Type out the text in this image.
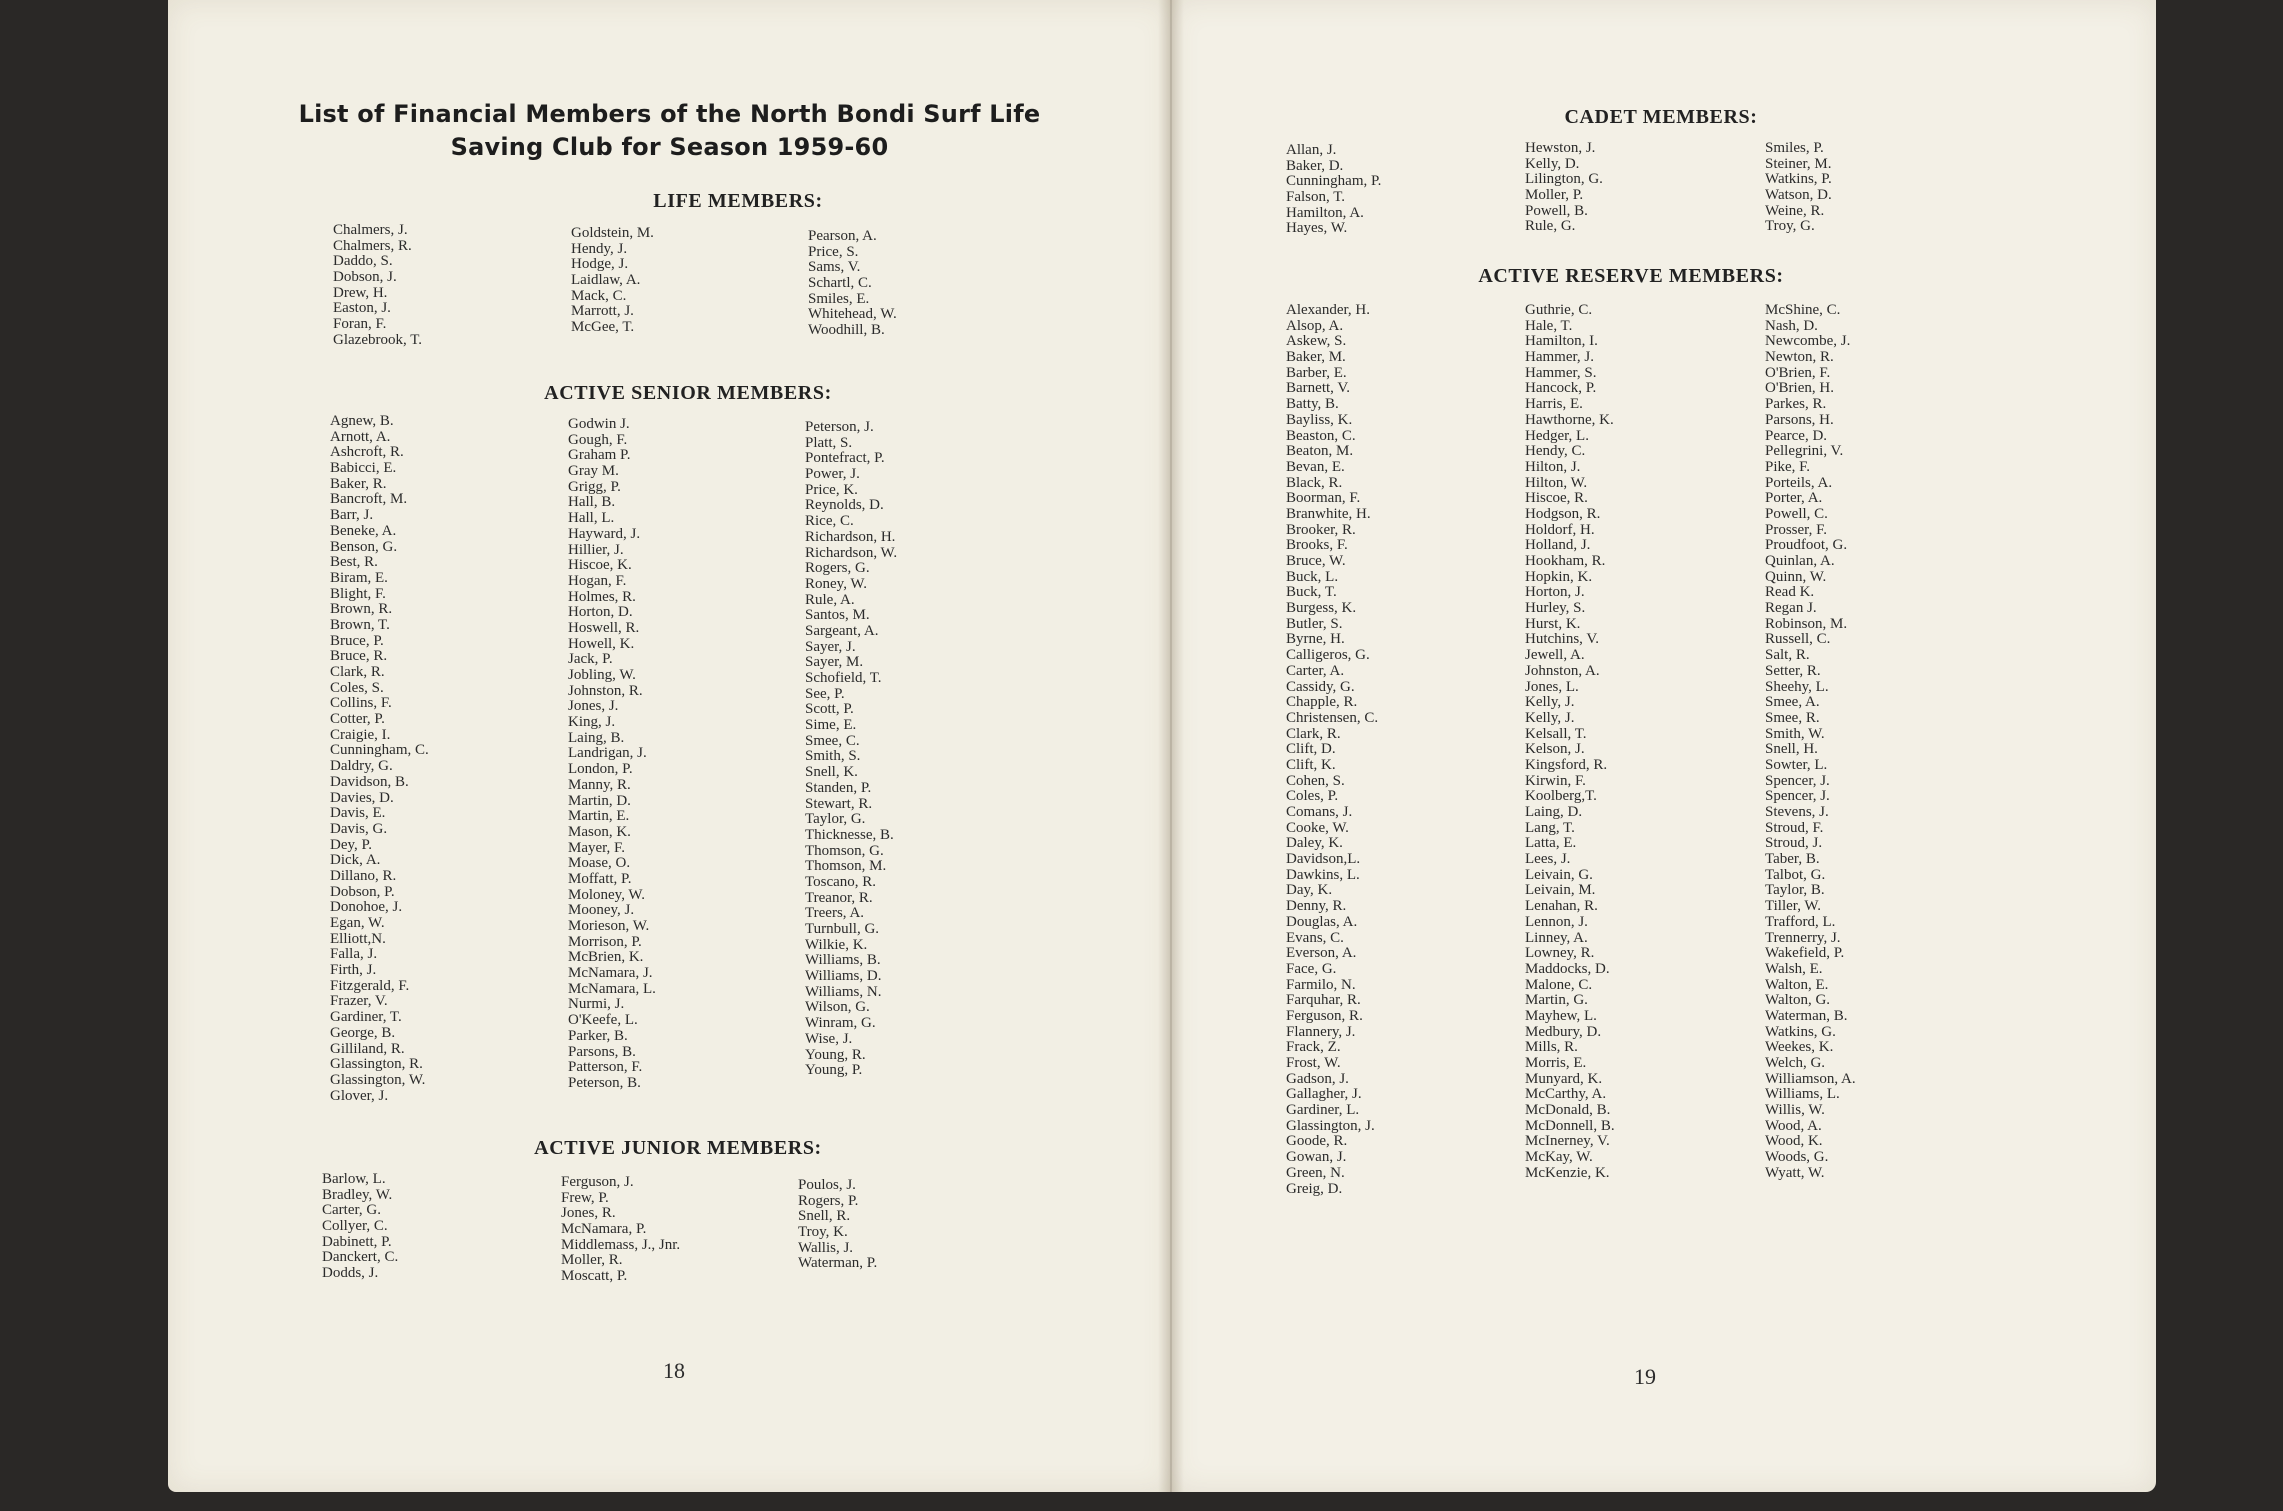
List of Financial Members of the North Bondi Surf Life
Saving Club for Season 1959-60
LIFE MEMBERS:
Chalmers, J.
Chalmers, R.
Daddo, S.
Dobson, J.
Drew, H.
Easton, J.
Foran, F.
Glazebrook, T.
Goldstein, M.
Hendy, J.
Hodge, J.
Laidlaw, A.
Mack, C.
Marrott, J.
McGee, T.
Pearson, A.
Price, S.
Sams, V.
Schartl, C.
Smiles, E.
Whitehead, W.
Woodhill, B.
ACTIVE SENIOR MEMBERS:
Agnew, B.
Arnott, A.
Ashcroft, R.
Babicci, E.
Baker, R.
Bancroft, M.
Barr, J.
Beneke, A.
Benson, G.
Best, R.
Biram, E.
Blight, F.
Brown, R.
Brown, T.
Bruce, P.
Bruce, R.
Clark, R.
Coles, S.
Collins, F.
Cotter, P.
Craigie, I.
Cunningham, C.
Daldry, G.
Davidson, B.
Davies, D.
Davis, E.
Davis, G.
Dey, P.
Dick, A.
Dillano, R.
Dobson, P.
Donohoe, J.
Egan, W.
Elliott,N.
Falla, J.
Firth, J.
Fitzgerald, F.
Frazer, V.
Gardiner, T.
George, B.
Gilliland, R.
Glassington, R.
Glassington, W.
Glover, J.
Godwin J.
Gough, F.
Graham P.
Gray M.
Grigg, P.
Hall, B.
Hall, L.
Hayward, J.
Hillier, J.
Hiscoe, K.
Hogan, F.
Holmes, R.
Horton, D.
Hoswell, R.
Howell, K.
Jack, P.
Jobling, W.
Johnston, R.
Jones, J.
King, J.
Laing, B.
Landrigan, J.
London, P.
Manny, R.
Martin, D.
Martin, E.
Mason, K.
Mayer, F.
Moase, O.
Moffatt, P.
Moloney, W.
Mooney, J.
Morieson, W.
Morrison, P.
McBrien, K.
McNamara, J.
McNamara, L.
Nurmi, J.
O'Keefe, L.
Parker, B.
Parsons, B.
Patterson, F.
Peterson, B.
Peterson, J.
Platt, S.
Pontefract, P.
Power, J.
Price, K.
Reynolds, D.
Rice, C.
Richardson, H.
Richardson, W.
Rogers, G.
Roney, W.
Rule, A.
Santos, M.
Sargeant, A.
Sayer, J.
Sayer, M.
Schofield, T.
See, P.
Scott, P.
Sime, E.
Smee, C.
Smith, S.
Snell, K.
Standen, P.
Stewart, R.
Taylor, G.
Thicknesse, B.
Thomson, G.
Thomson, M.
Toscano, R.
Treanor, R.
Treers, A.
Turnbull, G.
Wilkie, K.
Williams, B.
Williams, D.
Williams, N.
Wilson, G.
Winram, G.
Wise, J.
Young, R.
Young, P.
ACTIVE JUNIOR MEMBERS:
Barlow, L.
Bradley, W.
Carter, G.
Collyer, C.
Dabinett, P.
Danckert, C.
Dodds, J.
Ferguson, J.
Frew, P.
Jones, R.
McNamara, P.
Middlemass, J., Jnr.
Moller, R.
Moscatt, P.
Poulos, J.
Rogers, P.
Snell, R.
Troy, K.
Wallis, J.
Waterman, P.
18
CADET MEMBERS:
Allan, J.
Baker, D.
Cunningham, P.
Falson, T.
Hamilton, A.
Hayes, W.
Hewston, J.
Kelly, D.
Lilington, G.
Moller, P.
Powell, B.
Rule, G.
Smiles, P.
Steiner, M.
Watkins, P.
Watson, D.
Weine, R.
Troy, G.
ACTIVE RESERVE MEMBERS:
Alexander, H.
Alsop, A.
Askew, S.
Baker, M.
Barber, E.
Barnett, V.
Batty, B.
Bayliss, K.
Beaston, C.
Beaton, M.
Bevan, E.
Black, R.
Boorman, F.
Branwhite, H.
Brooker, R.
Brooks, F.
Bruce, W.
Buck, L.
Buck, T.
Burgess, K.
Butler, S.
Byrne, H.
Calligeros, G.
Carter, A.
Cassidy, G.
Chapple, R.
Christensen, C.
Clark, R.
Clift, D.
Clift, K.
Cohen, S.
Coles, P.
Comans, J.
Cooke, W.
Daley, K.
Davidson,L.
Dawkins, L.
Day, K.
Denny, R.
Douglas, A.
Evans, C.
Everson, A.
Face, G.
Farmilo, N.
Farquhar, R.
Ferguson, R.
Flannery, J.
Frack, Z.
Frost, W.
Gadson, J.
Gallagher, J.
Gardiner, L.
Glassington, J.
Goode, R.
Gowan, J.
Green, N.
Greig, D.
Guthrie, C.
Hale, T.
Hamilton, I.
Hammer, J.
Hammer, S.
Hancock, P.
Harris, E.
Hawthorne, K.
Hedger, L.
Hendy, C.
Hilton, J.
Hilton, W.
Hiscoe, R.
Hodgson, R.
Holdorf, H.
Holland, J.
Hookham, R.
Hopkin, K.
Horton, J.
Hurley, S.
Hurst, K.
Hutchins, V.
Jewell, A.
Johnston, A.
Jones, L.
Kelly, J.
Kelly, J.
Kelsall, T.
Kelson, J.
Kingsford, R.
Kirwin, F.
Koolberg,T.
Laing, D.
Lang, T.
Latta, E.
Lees, J.
Leivain, G.
Leivain, M.
Lenahan, R.
Lennon, J.
Linney, A.
Lowney, R.
Maddocks, D.
Malone, C.
Martin, G.
Mayhew, L.
Medbury, D.
Mills, R.
Morris, E.
Munyard, K.
McCarthy, A.
McDonald, B.
McDonnell, B.
McInerney, V.
McKay, W.
McKenzie, K.
McShine, C.
Nash, D.
Newcombe, J.
Newton, R.
O'Brien, F.
O'Brien, H.
Parkes, R.
Parsons, H.
Pearce, D.
Pellegrini, V.
Pike, F.
Porteils, A.
Porter, A.
Powell, C.
Prosser, F.
Proudfoot, G.
Quinlan, A.
Quinn, W.
Read K.
Regan J.
Robinson, M.
Russell, C.
Salt, R.
Setter, R.
Sheehy, L.
Smee, A.
Smee, R.
Smith, W.
Snell, H.
Sowter, L.
Spencer, J.
Spencer, J.
Stevens, J.
Stroud, F.
Stroud, J.
Taber, B.
Talbot, G.
Taylor, B.
Tiller, W.
Trafford, L.
Trennerry, J.
Wakefield, P.
Walsh, E.
Walton, E.
Walton, G.
Waterman, B.
Watkins, G.
Weekes, K.
Welch, G.
Williamson, A.
Williams, L.
Willis, W.
Wood, A.
Wood, K.
Woods, G.
Wyatt, W.
19
